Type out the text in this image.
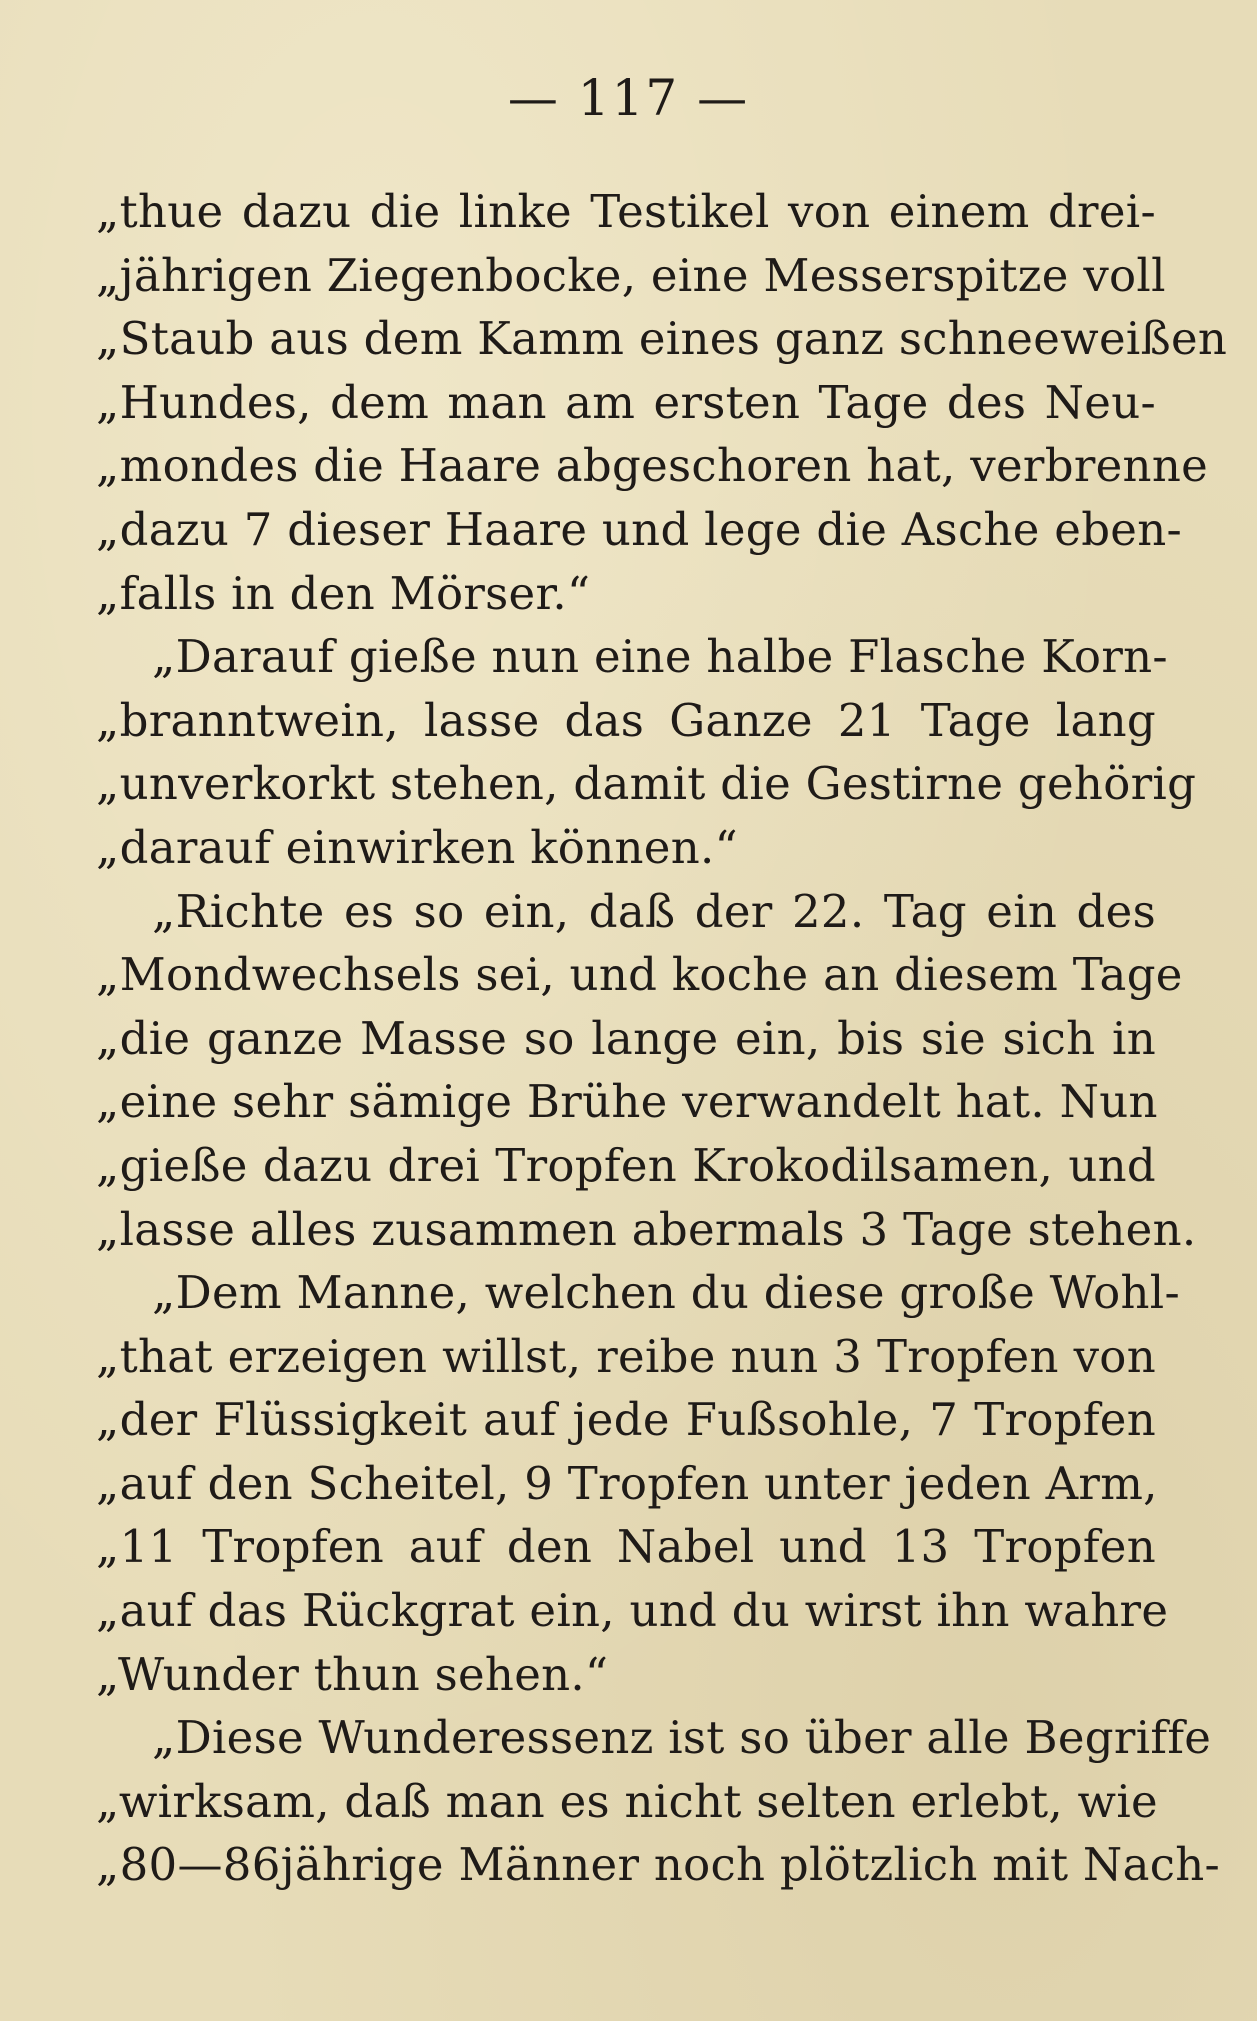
— 117 —
„thue dazu die linke Testikel von einem drei-
„jährigen Ziegenbocke, eine Messerspitze voll
„Staub aus dem Kamm eines ganz schneeweißen
„Hundes, dem man am ersten Tage des Neu-
„mondes die Haare abgeschoren hat, verbrenne
„dazu 7 dieser Haare und lege die Asche eben-
„falls in den Mörser.“
„Darauf gieße nun eine halbe Flasche Korn-
„branntwein, lasse das Ganze 21 Tage lang
„unverkorkt stehen, damit die Gestirne gehörig
„darauf einwirken können.“
„Richte es so ein, daß der 22. Tag ein des
„Mondwechsels sei, und koche an diesem Tage
„die ganze Masse so lange ein, bis sie sich in
„eine sehr sämige Brühe verwandelt hat. Nun
„gieße dazu drei Tropfen Krokodilsamen, und
„lasse alles zusammen abermals 3 Tage stehen.
„Dem Manne, welchen du diese große Wohl-
„that erzeigen willst, reibe nun 3 Tropfen von
„der Flüssigkeit auf jede Fußsohle, 7 Tropfen
„auf den Scheitel, 9 Tropfen unter jeden Arm,
„11 Tropfen auf den Nabel und 13 Tropfen
„auf das Rückgrat ein, und du wirst ihn wahre
„Wunder thun sehen.“
„Diese Wunderessenz ist so über alle Begriffe
„wirksam, daß man es nicht selten erlebt, wie
„80—86jährige Männer noch plötzlich mit Nach-
